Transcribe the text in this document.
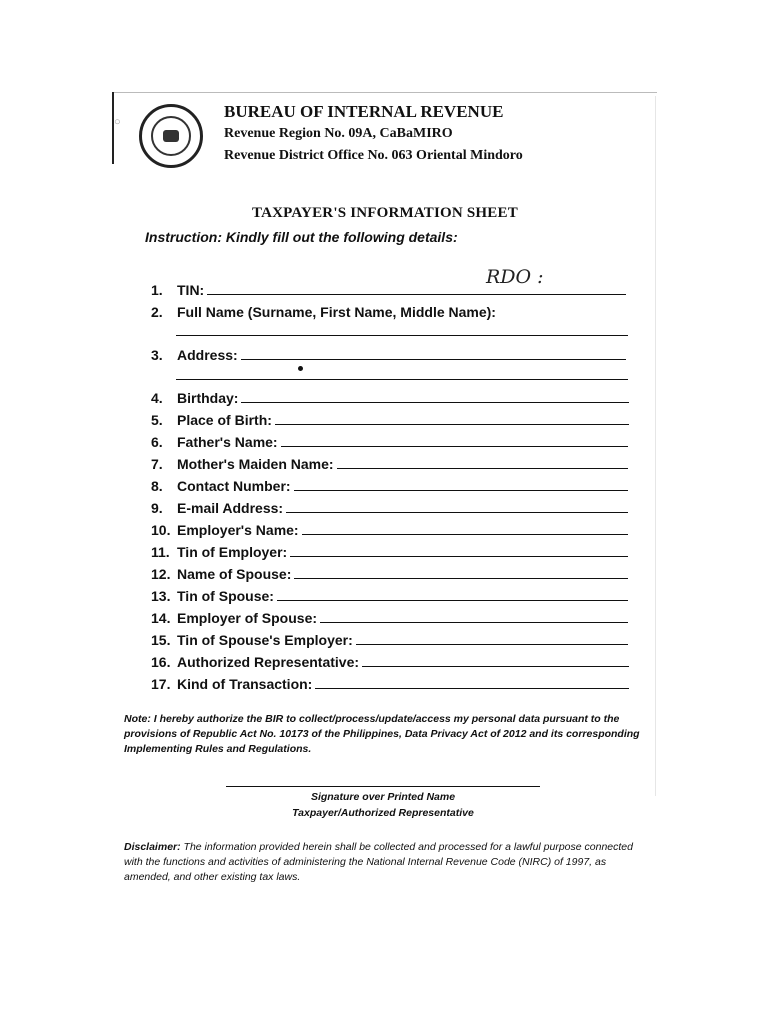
○
BUREAU OF INTERNAL REVENUE
Revenue Region No. 09A, CaBaMIRO
Revenue District Office No. 063 Oriental Mindoro
TAXPAYER'S INFORMATION SHEET
Instruction: Kindly fill out the following details:
RDO :
1.	TIN:
2.	Full Name (Surname, First Name, Middle Name):
3.	Address:
4.	Birthday:
5.	Place of Birth:
6.	Father's Name:
7.	Mother's Maiden Name:
8.	Contact Number:
9.	E-mail Address:
10. Employer's Name:
11. Tin of Employer:
12. Name of Spouse:
13. Tin of Spouse:
14. Employer of Spouse:
15. Tin of Spouse's Employer:
16. Authorized Representative:
17. Kind of Transaction:
Note: I hereby authorize the BIR to collect/process/update/access my personal data pursuant to the provisions of Republic Act No. 10173 of the Philippines, Data Privacy Act of 2012 and its corresponding Implementing Rules and Regulations.
Signature over Printed Name
Taxpayer/Authorized Representative
Disclaimer: The information provided herein shall be collected and processed for a lawful purpose connected with the functions and activities of administering the National Internal Revenue Code (NIRC) of 1997, as amended, and other existing tax laws.
